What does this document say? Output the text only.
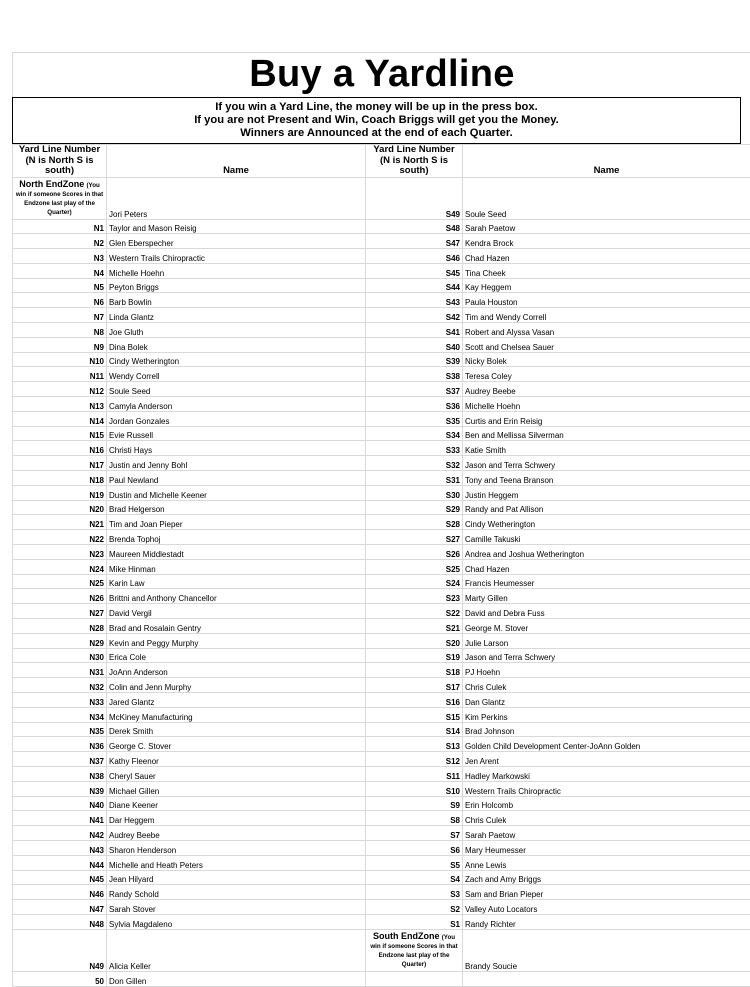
Buy a Yardline
If you win a Yard Line, the money will be up in the press box.
If you are not Present and Win, Coach Briggs will get you the Money.
Winners are Announced at the end of each Quarter.
Yard Line Number (N is North S is south)	Name	Yard Line Number (N is North S is south)	Name
North EndZone (You win if someone Scores in that Endzone last play of the Quarter)	Jori Peters	S49	Soule Seed
N1	Taylor and Mason Reisig	S48	Sarah Paetow
N2	Glen Eberspecher	S47	Kendra Brock
N3	Western Trails Chiropractic	S46	Chad Hazen
N4	Michelle Hoehn	S45	Tina Cheek
N5	Peyton Briggs	S44	Kay Heggem
N6	Barb Bowlin	S43	Paula Houston
N7	Linda Glantz	S42	Tim and Wendy Correll
N8	Joe Gluth	S41	Robert and Alyssa Vasan
N9	Dina Bolek	S40	Scott and Chelsea Sauer
N10	Cindy Wetherington	S39	Nicky Bolek
N11	Wendy Correll	S38	Teresa Coley
N12	Soule Seed	S37	Audrey Beebe
N13	Camyla Anderson	S36	Michelle Hoehn
N14	Jordan Gonzales	S35	Curtis and Erin Reisig
N15	Evie Russell	S34	Ben and Mellissa Silverman
N16	Christi Hays	S33	Katie Smith
N17	Justin and Jenny Bohl	S32	Jason and Terra Schwery
N18	Paul Newland	S31	Tony and Teena Branson
N19	Dustin and Michelle Keener	S30	Justin Heggem
N20	Brad Helgerson	S29	Randy and Pat Allison
N21	Tim and Joan Pieper	S28	Cindy Wetherington
N22	Brenda Tophoj	S27	Camille Takuski
N23	Maureen Middlestadt	S26	Andrea and Joshua Wetherington
N24	Mike Hinman	S25	Chad Hazen
N25	Karin Law	S24	Francis Heumesser
N26	Brittni and Anthony Chancellor	S23	Marty Gillen
N27	David Vergil	S22	David and Debra Fuss
N28	Brad and Rosalain Gentry	S21	George M. Stover
N29	Kevin and Peggy Murphy	S20	Julie Larson
N30	Erica Cole	S19	Jason and Terra Schwery
N31	JoAnn Anderson	S18	PJ Hoehn
N32	Colin and Jenn Murphy	S17	Chris Culek
N33	Jared Glantz	S16	Dan Glantz
N34	McKiney Manufacturing	S15	Kim Perkins
N35	Derek Smith	S14	Brad Johnson
N36	George C. Stover	S13	Golden Child Development Center-JoAnn Golden
N37	Kathy Fleenor	S12	Jen Arent
N38	Cheryl Sauer	S11	Hadley Markowski
N39	Michael Gillen	S10	Western Trails Chiropractic
N40	Diane Keener	S9	Erin Holcomb
N41	Dar Heggem	S8	Chris Culek
N42	Audrey Beebe	S7	Sarah Paetow
N43	Sharon Henderson	S6	Mary Heumesser
N44	Michelle and Heath Peters	S5	Anne Lewis
N45	Jean Hilyard	S4	Zach and Amy Briggs
N46	Randy Schold	S3	Sam and Brian Pieper
N47	Sarah Stover	S2	Valley Auto Locators
N48	Sylvia Magdaleno	S1	Randy Richter
N49	Alicia Keller	South EndZone (You win if someone Scores in that Endzone last play of the Quarter)	Brandy Soucie
50	Don Gillen		
